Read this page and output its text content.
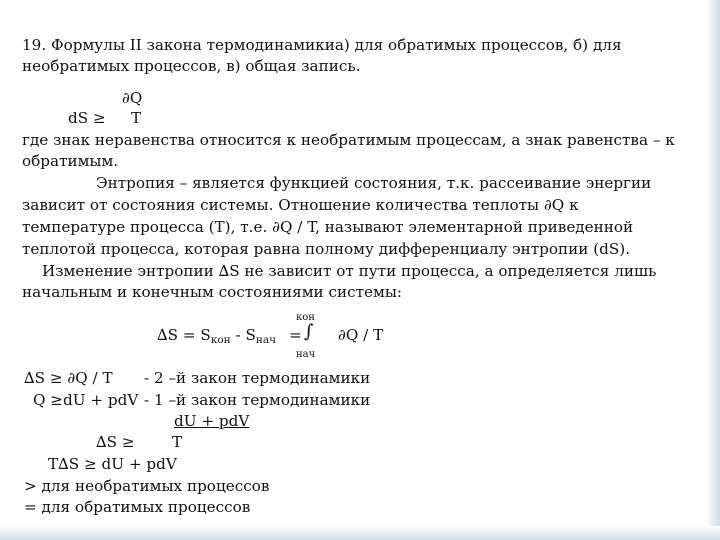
19. Формулы II закона термодинамикиа) для обратимых процессов, б) для
необратимых процессов, в) общая запись.
∂Q
dS ≥ T
где знак неравенства относится к необратимым процессам, а знак равенства – к
обратимым.
Энтропия – является функцией состояния, т.к. рассеивание энергии
зависит от состояния системы. Отношение количества теплоты ∂Q к
температуре процесса (T), т.е. ∂Q / T, называют элементарной приведенной
теплотой процесса, которая равна полному дифференциалу энтропии (dS).
Изменение энтропии ∆S не зависит от пути процесса, а определяется лишь
начальным и конечным состояниями системы:
кон
$\Delta S = S_{кон} - S_{нач}$ = ∫ ∂Q / T
нач
∆S ≥ ∂Q / T - 2 –й закон термодинамики
Q ≥dU + pdV - 1 –й закон термодинамики
dU + pdV
∆S ≥ T
T∆S ≥ dU + pdV
> для необратимых процессов
= для обратимых процессов
